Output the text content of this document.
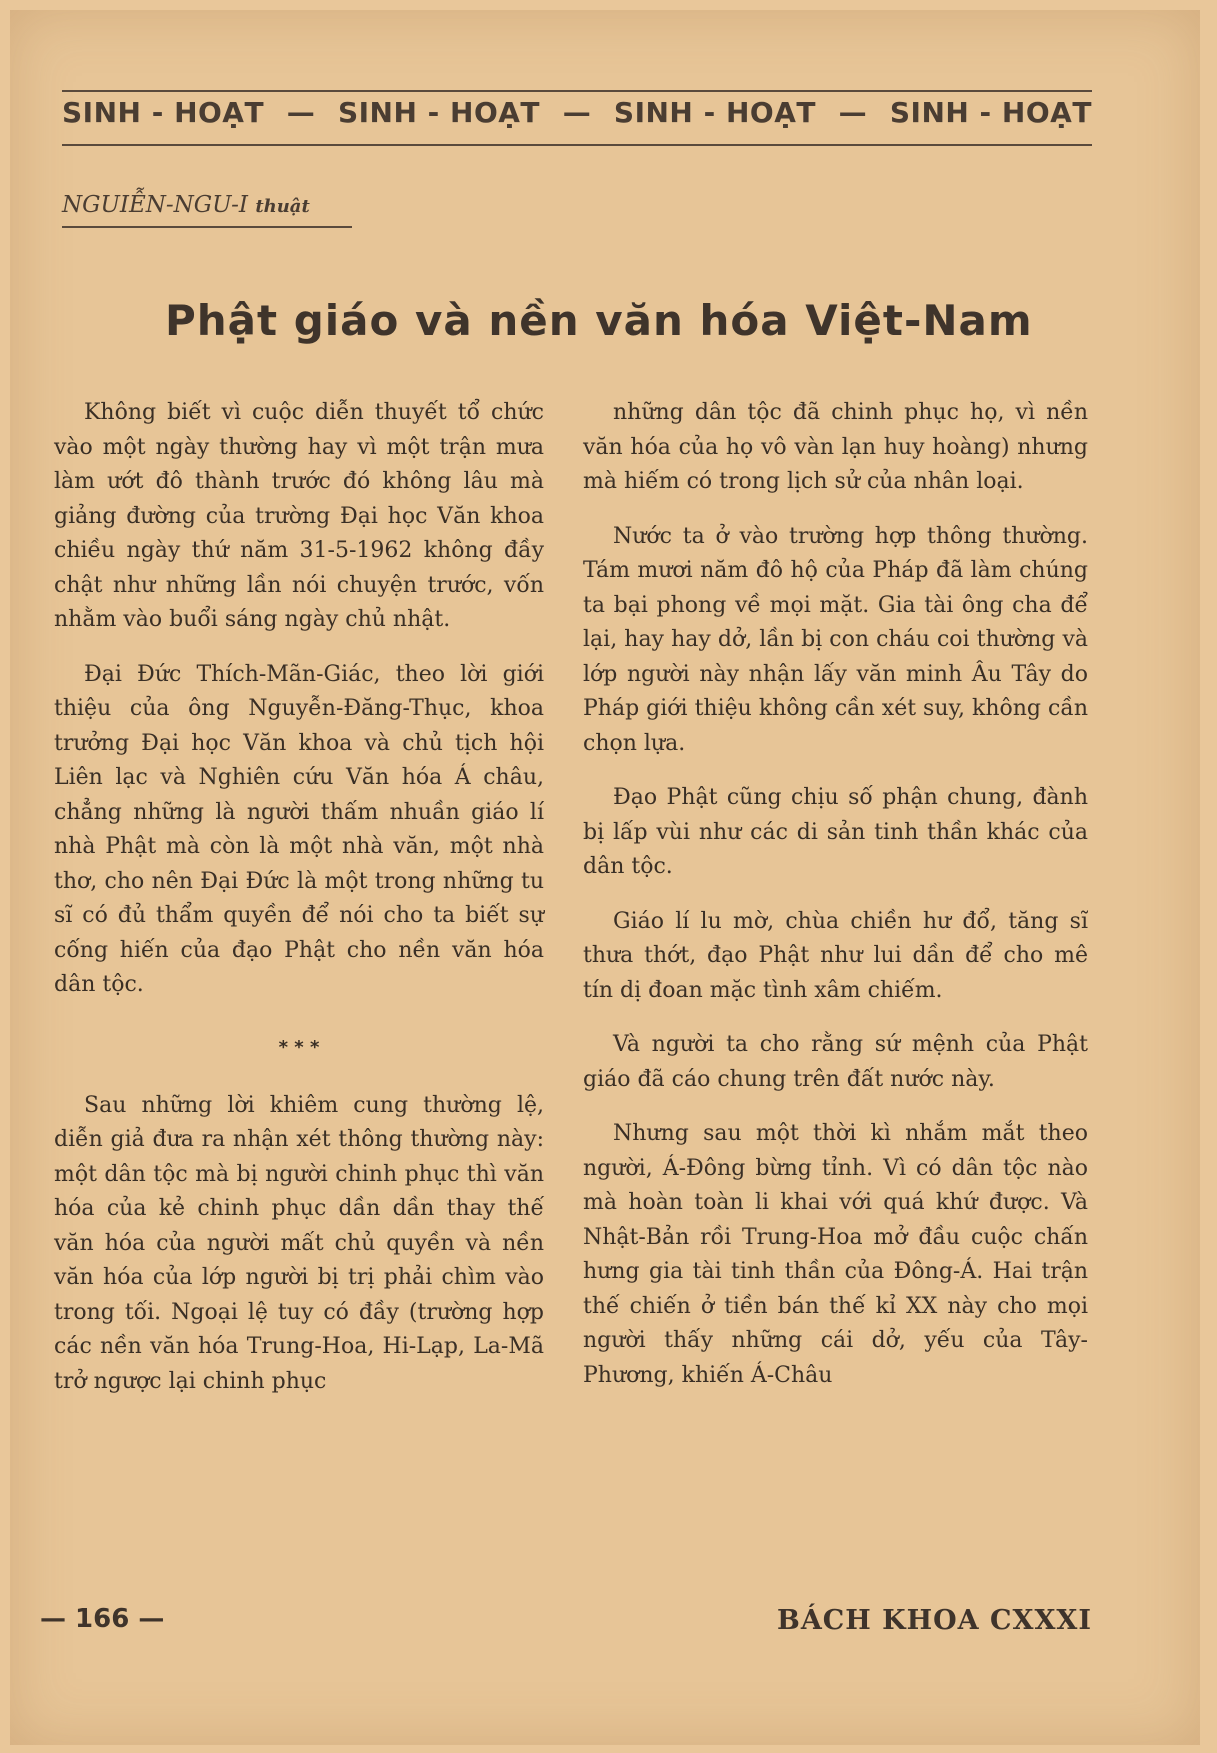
SINH - HOẠT — SINH - HOẠT — SINH - HOẠT — SINH - HOẠT
NGUIỄN-NGU-I thuật
Phật giáo và nền văn hóa Việt-Nam

Không biết vì cuộc diễn thuyết tổ chức vào một ngày thường hay vì một trận mưa làm ướt đô thành trước đó không lâu mà giảng đường của trường Đại học Văn khoa chiều ngày thứ năm 31-5-1962 không đầy chật như những lần nói chuyện trước, vốn nhằm vào buổi sáng ngày chủ nhật.

Đại Đức Thích-Mãn-Giác, theo lời giới thiệu của ông Nguyễn-Đăng-Thục, khoa trưởng Đại học Văn khoa và chủ tịch hội Liên lạc và Nghiên cứu Văn hóa Á châu, chẳng những là người thấm nhuần giáo lí nhà Phật mà còn là một nhà văn, một nhà thơ, cho nên Đại Đức là một trong những tu sĩ có đủ thẩm quyền để nói cho ta biết sự cống hiến của đạo Phật cho nền văn hóa dân tộc.

* * *

Sau những lời khiêm cung thường lệ, diễn giả đưa ra nhận xét thông thường này: một dân tộc mà bị người chinh phục thì văn hóa của kẻ chinh phục dần dần thay thế văn hóa của người mất chủ quyền và nền văn hóa của lớp người bị trị phải chìm vào trong tối. Ngoại lệ tuy có đầy (trường hợp các nền văn hóa Trung-Hoa, Hi-Lạp, La-Mã trở ngược lại chinh phục

những dân tộc đã chinh phục họ, vì nền văn hóa của họ vô vàn lạn huy hoàng) nhưng mà hiếm có trong lịch sử của nhân loại.

Nước ta ở vào trường hợp thông thường. Tám mươi năm đô hộ của Pháp đã làm chúng ta bại phong về mọi mặt. Gia tài ông cha để lại, hay hay dở, lần bị con cháu coi thường và lớp người này nhận lấy văn minh Âu Tây do Pháp giới thiệu không cần xét suy, không cần chọn lựa.

Đạo Phật cũng chịu số phận chung, đành bị lấp vùi như các di sản tinh thần khác của dân tộc.

Giáo lí lu mờ, chùa chiền hư đổ, tăng sĩ thưa thớt, đạo Phật như lui dần để cho mê tín dị đoan mặc tình xâm chiếm.

Và người ta cho rằng sứ mệnh của Phật giáo đã cáo chung trên đất nước này.

Nhưng sau một thời kì nhắm mắt theo người, Á-Đông bừng tỉnh. Vì có dân tộc nào mà hoàn toàn li khai với quá khứ được. Và Nhật-Bản rồi Trung-Hoa mở đầu cuộc chấn hưng gia tài tinh thần của Đông-Á. Hai trận thế chiến ở tiền bán thế kỉ XX này cho mọi người thấy những cái dở, yếu của Tây-Phương, khiến Á-Châu

— 166 —	BÁCH KHOA CXXXI
